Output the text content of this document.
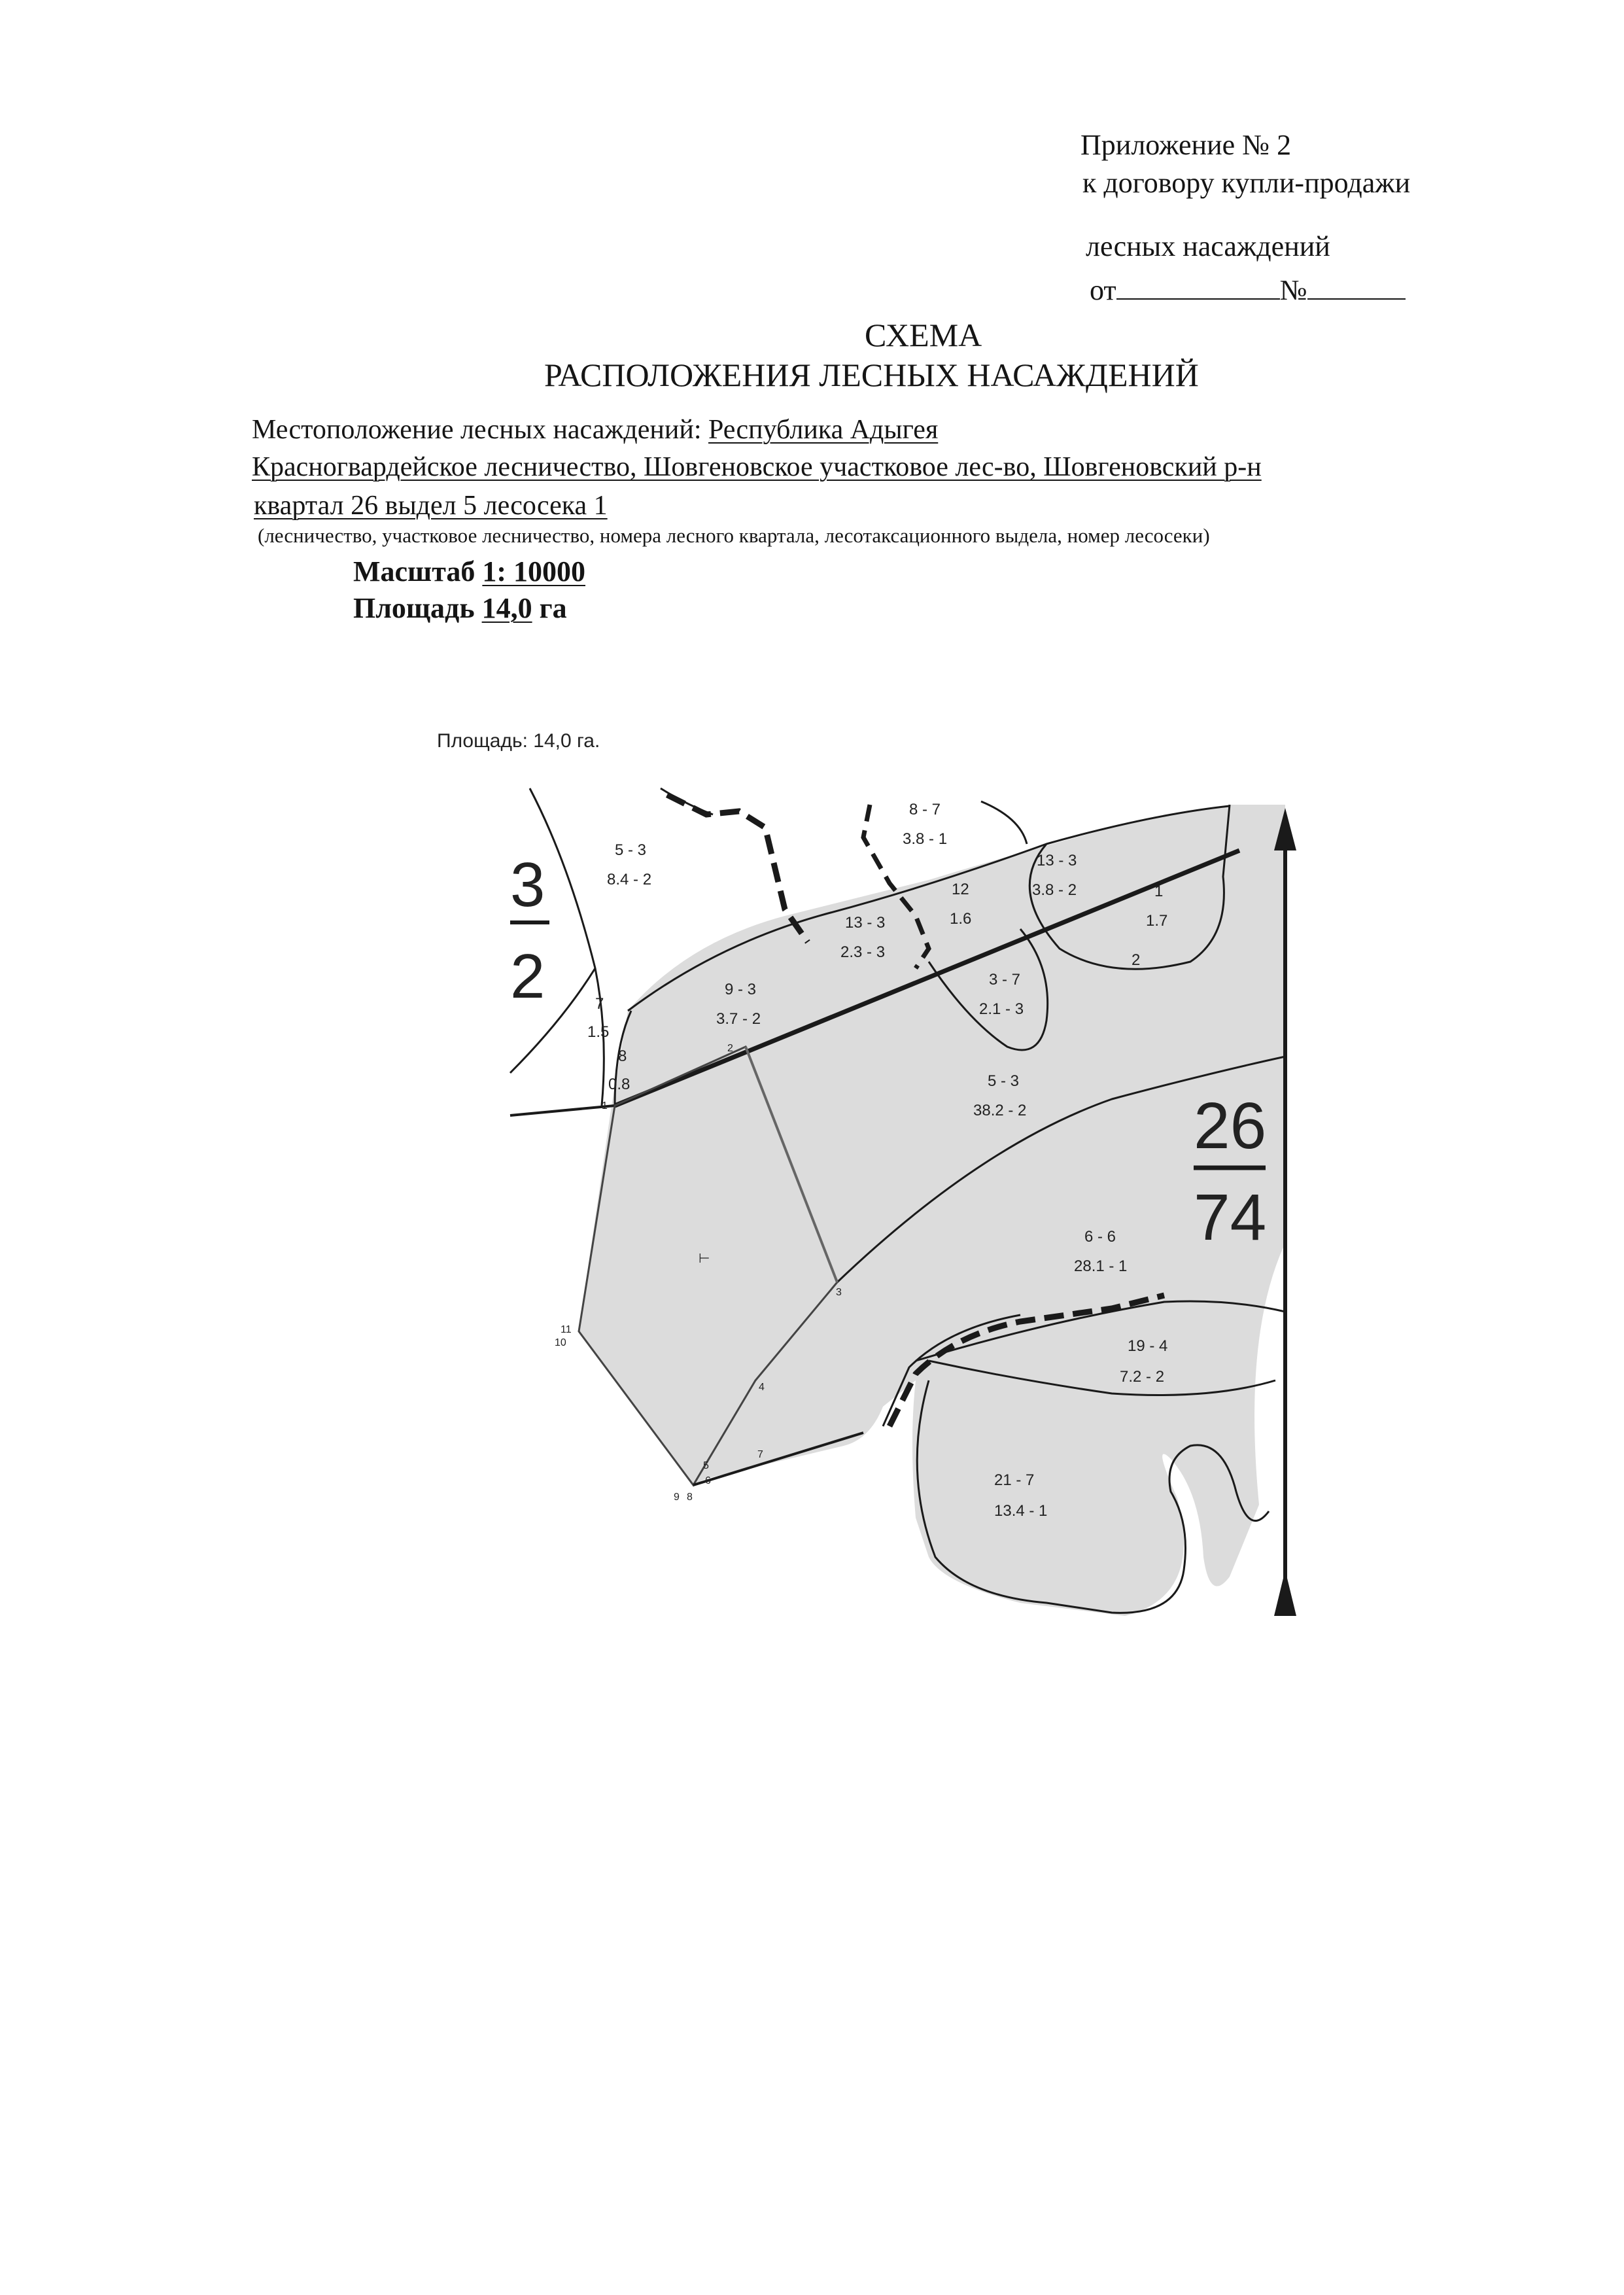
Приложение № 2
к договору купли-продажи
лесных насаждений
от	№
СХЕМА
РАСПОЛОЖЕНИЯ ЛЕСНЫХ НАСАЖДЕНИЙ
Местоположение лесных насаждений: Республика Адыгея
Красногвардейское лесничество, Шовгеновское участковое лес-во, Шовгеновский р-н
квартал 26 выдел 5 лесосека 1
(лесничество, участковое лесничество, номера лесного квартала, лесотаксационного выдела, номер лесосеки)
Масштаб 1: 10000
Площадь 14,0 га
Площадь: 14,0 га.
3
2
26
74
5 - 3
8.4 - 2
8 - 7
3.8 - 1
13 - 3
3.8 - 2
12
1.6
1
1.7
2
13 - 3
2.3 - 3
9 - 3
3.7 - 2
3 - 7
2.1 - 3
7
1.5
8
0.8	5 - 3
38.2 - 2
6 - 6
28.1 - 1
19 - 4
7.2 - 2
21 - 7
13.4 - 1
1
2
3
4
5
6
7
8
9
10
11
⊢
